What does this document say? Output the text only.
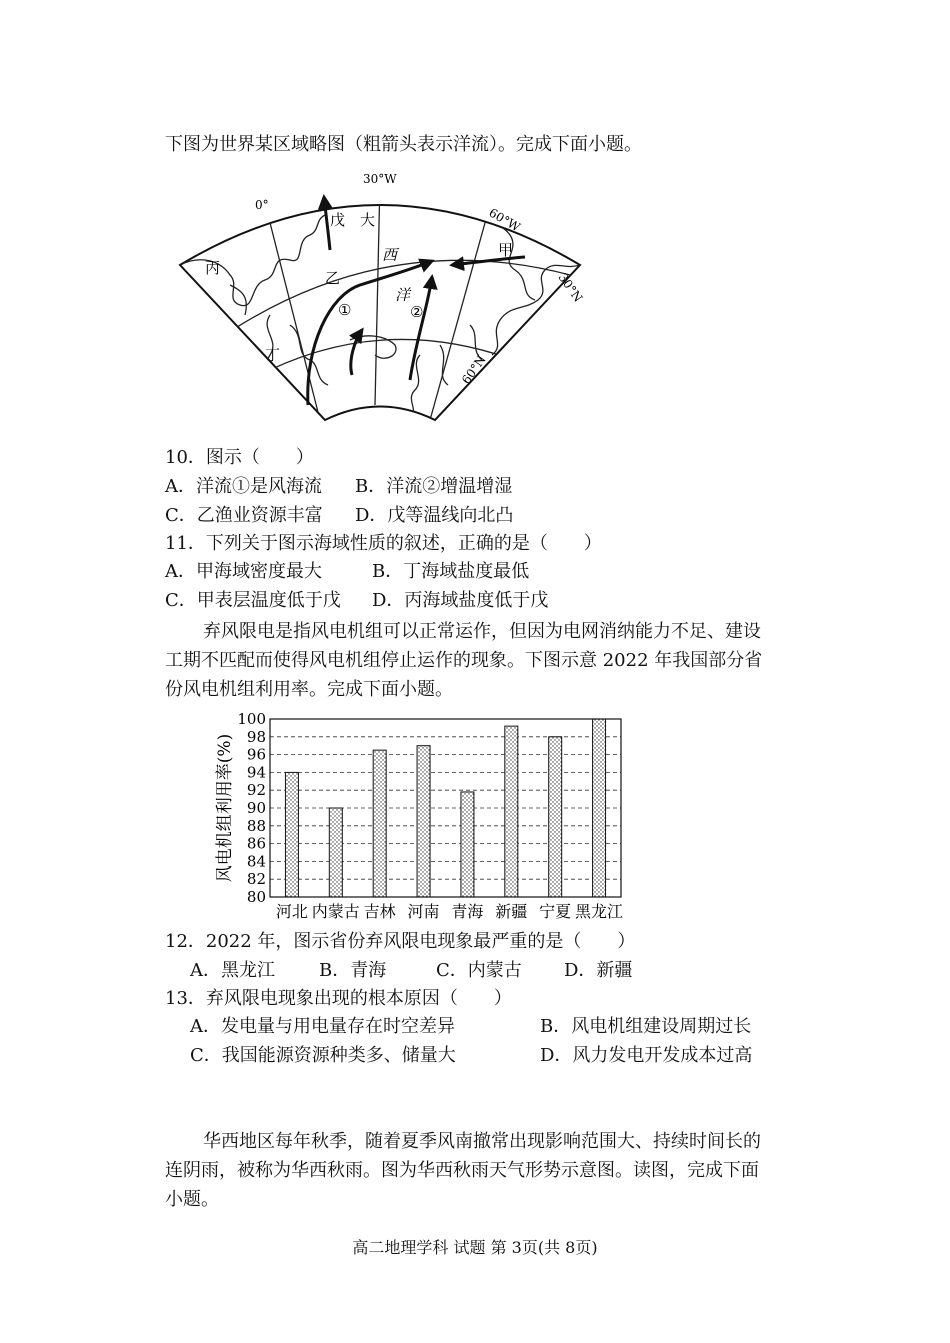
下图为世界某区域略图（粗箭头表示洋流）。完成下面小题。
30°W
0°
60°W
30°N
60°N
戊 大
西
洋
乙
丙
甲
丁
①	②
10．图示（　　）
A．洋流①是风海流 B．洋流②增温增湿
C．乙渔业资源丰富 D．戊等温线向北凸
11．下列关于图示海域性质的叙述，正确的是（　　）
A．甲海域密度最大	B．丁海域盐度最低
C．甲表层温度低于戊 D．丙海域盐度低于戊
弃风限电是指风电机组可以正常运作，但因为电网消纳能力不足、建设
工期不匹配而使得风电机组停止运作的现象。下图示意 2022 年我国部分省
份风电机组利用率。完成下面小题。
80
82
84
86
88
90
92
94
96
98
100
河北 内蒙古 吉林 河南 青海 新疆 宁夏 黑龙江
风电机组利用率(%)
12．2022 年，图示省份弃风限电现象最严重的是（　　）
A．黑龙江 B．青海	C．内蒙古 D．新疆
13．弃风限电现象出现的根本原因（　　）
A．发电量与用电量存在时空差异	B．风电机组建设周期过长
C．我国能源资源种类多、储量大	D．风力发电开发成本过高
华西地区每年秋季，随着夏季风南撤常出现影响范围大、持续时间长的
连阴雨，被称为华西秋雨。图为华西秋雨天气形势示意图。读图，完成下面
小题。
高二地理学科 试题 第 3页(共 8页)
